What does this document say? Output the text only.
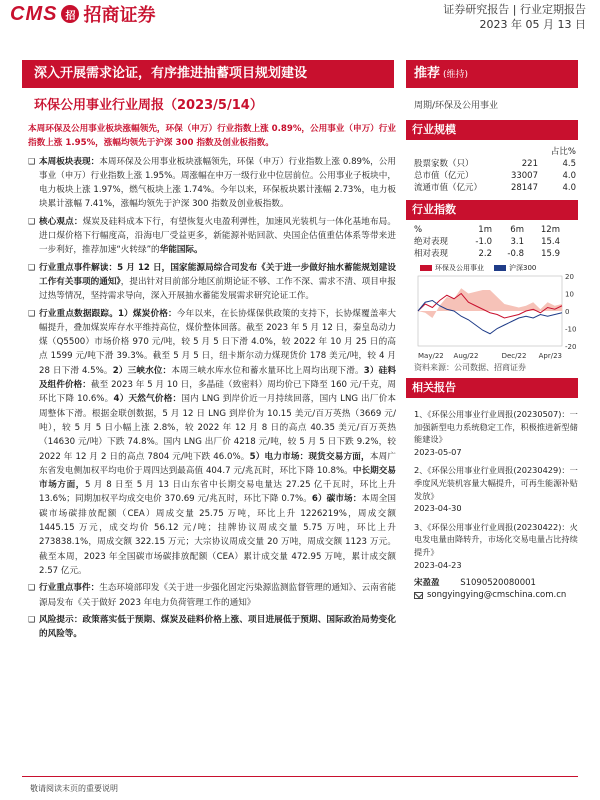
CMS 招 招商证券	证券研究报告 | 行业定期报告
2023 年 05 月 13 日
深入开展需求论证，有序推进抽蓄项目规划建设	推荐 (维持)
环保公用事业行业周报（2023/5/14）	周期/环保及公用事业
本周环保及公用事业板块涨幅领先，环保（申万）行业指数上涨 0.89%，公用事业（申万）行业指数上涨 1.95%，涨幅均领先于沪深 300 指数及创业板指数。
❑ 本周板块表现：本周环保及公用事业板块涨幅领先，环保（申万）行业指数上涨 0.89%，公用事业（申万）行业指数上涨 1.95%。周涨幅在申万一级行业中位居前位。公用事业子板块中，电力板块上涨 1.97%，燃气板块上涨 1.74%。今年以来，环保板块累计涨幅 2.73%，电力板块累计涨幅 7.41%，涨幅均领先于沪深 300 指数及创业板指数。
❑ 核心观点：煤炭及硅料成本下行，有望恢复火电盈利弹性，加速风光装机与一体化基地布局。进口煤价格下行幅度高，沿海电厂受益更多，新能源补贴回款、央国企估值重估体系等带来进一步利好，推荐加速“火转绿”的华能国际。
❑ 行业重点事件解读：5 月 12 日，国家能源局综合司发布《关于进一步做好抽水蓄能规划建设工作有关事项的通知》，提出针对目前部分地区前期论证不够、工作不深、需求不清、项目申报过热等情况，坚持需求导向，深入开展抽水蓄能发展需求研究论证工作。
❑ 行业重点数据跟踪。1）煤炭价格：今年以来，在长协煤保供政策的支持下，长协煤覆盖率大幅提升，叠加煤炭库存水平维持高位，煤价整体回落。截至 2023 年 5 月 12 日，秦皇岛动力煤（Q5500）市场价格 970 元/吨，较 5 月 5 日下滑 4.0%，较 2022 年 10 月 25 日的高点 1599 元/吨下滑 39.3%。截至 5 月 5 日，纽卡斯尔动力煤现货价 178 美元/吨，较 4 月 28 日下滑 4.5%。2）三峡水位：本周三峡水库水位和蓄水量环比上周均出现下滑。3）硅料及组件价格：截至 2023 年 5 月 10 日，多晶硅（致密料）周均价已下降至 160 元/千克，周环比下降 10.6%。4）天然气价格：国内 LNG 到岸价近一月持续回落，国内 LNG 出厂价本周整体下滑。根据金联创数据，5 月 12 日 LNG 到岸价为 10.15 美元/百万英热（3669 元/吨），较 5 月 5 日小幅上涨 2.8%，较 2022 年 12 月 8 日的高点 40.35 美元/百万英热（14630 元/吨）下跌 74.8%。国内 LNG 出厂价 4218 元/吨，较 5 月 5 日下跌 9.2%，较 2022 年 12 月 2 日的高点 7804 元/吨下跌 46.0%。5）电力市场：现货交易方面，本周广东省发电侧加权平均电价于周四达到最高值 404.7 元/兆瓦时，环比下降 10.8%。中长期交易市场方面，5 月 8 日至 5 月 13 日山东省中长期交易电量达 27.25 亿千瓦时，环比上升 13.6%；同期加权平均成交电价 370.69 元/兆瓦时，环比下降 0.7%。6）碳市场：本周全国碳市场碳排放配额（CEA）周成交量 25.75 万吨，环比上升 1226219%，周成交额 1445.15 万元，成交均价 56.12 元/吨；挂牌协议周成交量 5.75 万吨，环比上升 273838.1%，周成交额 322.15 万元；大宗协议周成交量 20 万吨，周成交额 1123 万元。截至本周，2023 年全国碳市场碳排放配额（CEA）累计成交量 472.95 万吨，累计成交额 2.57 亿元。
❑ 行业重点事件：生态环境部印发《关于进一步强化固定污染源监测监督管理的通知》、云南省能源局发布《关于做好 2023 年电力负荷管理工作的通知》
❑ 风险提示：政策落实低于预期、煤炭及硅料价格上涨、项目进展低于预期、国际政治局势变化的风险等。
行业规模
占比%
股票家数（只）	221	4.5
总市值（亿元）	33007	4.0
流通市值（亿元）	28147	4.0
行业指数
%	1m	6m	12m
绝对表现	-1.0	3.1	15.4
相对表现	2.2	-0.8	15.9
环保及公用事业	沪深300
20
10
0
-10
-20
May/22 Aug/22	Dec/22 Apr/23
资料来源：公司数据、招商证券
相关报告
1、《环保公用事业行业周报(20230507)：一加强新型电力系统稳定工作，积极推进新型储能建设》
2023-05-07
2、《环保公用事业行业周报(20230429)：一季度风光装机容量大幅提升，可再生能源补贴发放》
2023-04-30
3、《环保公用事业行业周报(20230422)：火电发电量由降转升，市场化交易电量占比持续提升》
2023-04-23
宋盈盈 S1090520080001
songyingying@cmschina.com.cn
敬请阅读末页的重要说明
